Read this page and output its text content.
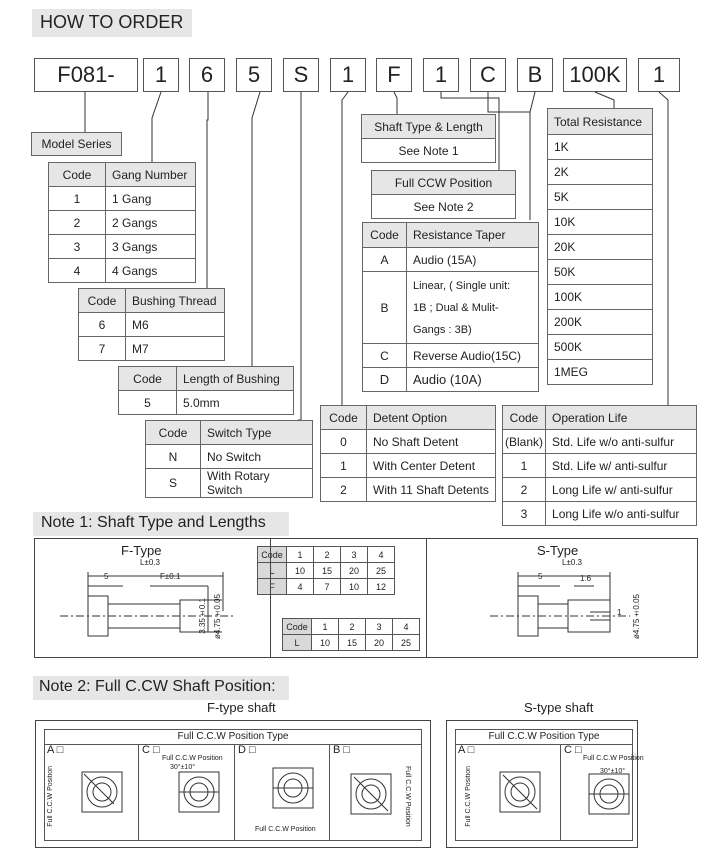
HOW TO ORDER
F081-	1	6	5	S	1	F	1	C	B	100K	1
Model Series
Code	Gang Number
1	1 Gang
2	2 Gangs
3	3 Gangs
4	4 Gangs
Code	Bushing Thread
6	M6
7	M7
Code	Length of Bushing
5	5.0mm
Code	Switch Type
N	No Switch
S	With Rotary Switch
Shaft Type & Length
See Note 1
Full CCW Position
See Note 2
Code	Resistance Taper
A	Audio (15A)
B	Linear, ( Single unit:
1B ; Dual & Mulit-
Gangs : 3B)
C	Reverse Audio(15C)
D	Audio (10A)
Total Resistance
1K
2K
5K
10K
20K
50K
100K
200K
500K
1MEG
Code	Detent Option
0	No Shaft Detent
1	With Center Detent
2	With 11 Shaft Detents
Code	Operation Life
(Blank)	Std. Life w/o anti-sulfur
1	Std. Life w/ anti-sulfur
2	Long Life w/ anti-sulfur
3	Long Life w/o anti-sulfur
Note 1: Shaft Type and Lengths
F-Type
L±0.3
5	F±0.1
3.35±0.1 ø4.75±0.05
Code	1	2	3	4
L	10	15	20	25
F	4	7	10	12
S-Type
L±0.3
5	1.6
1 ø4.75±0.05
Code	1	2	3	4
L	10	15	20	25
Note 2: Full C.CW Shaft Position:
F-type shaft	S-type shaft
Full C.C.W Position Type
A □	C □	D □	B □
Full C.C.W Position
Full C.C.W Position
Full C.C.W Position
Full C.C.W Position
30°±10°
Full C.C.W Position Type
A □	C □
Full C.C.W Position
Full C.C.W Position
30°±10°
